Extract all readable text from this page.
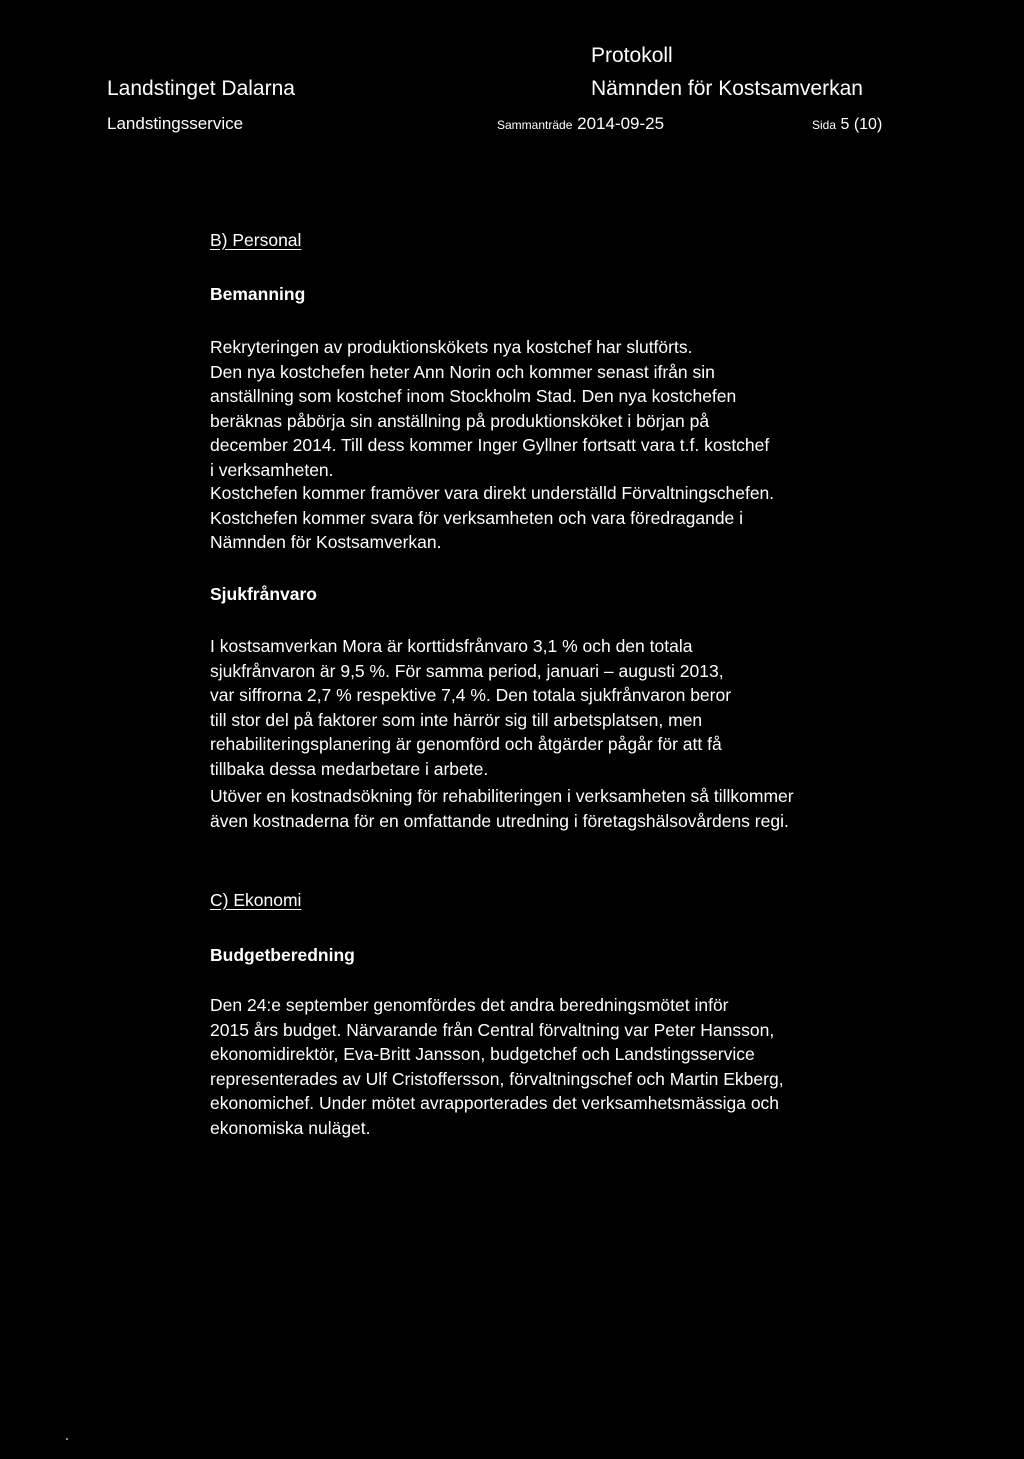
Landstinget Dalarna
Protokoll
Nämnden för Kostsamverkan
Landstingsservice	Sammanträde 2014-09-25	Sida 5 (10)
B) Personal
Bemanning

Rekryteringen av produktionskökets nya kostchef har slutförts.
Den nya kostchefen heter Ann Norin och kommer senast ifrån sin
anställning som kostchef inom Stockholm Stad. Den nya kostchefen
beräknas påbörja sin anställning på produktionsköket i början på
december 2014. Till dess kommer Inger Gyllner fortsatt vara t.f. kostchef
i verksamheten.

Kostchefen kommer framöver vara direkt underställd Förvaltningschefen.
Kostchefen kommer svara för verksamheten och vara föredragande i
Nämnden för Kostsamverkan.

Sjukfrånvaro

I kostsamverkan Mora är korttidsfrånvaro 3,1 % och den totala
sjukfrånvaron är 9,5 %. För samma period, januari – augusti 2013,
var siffrorna 2,7 % respektive 7,4 %. Den totala sjukfrånvaron beror
till stor del på faktorer som inte härrör sig till arbetsplatsen, men
rehabiliteringsplanering är genomförd och åtgärder pågår för att få
tillbaka dessa medarbetare i arbete.

Utöver en kostnadsökning för rehabiliteringen i verksamheten så tillkommer
även kostnaderna för en omfattande utredning i företagshälsovårdens regi.

C) Ekonomi
Budgetberedning

Den 24:e september genomfördes det andra beredningsmötet inför
2015 års budget. Närvarande från Central förvaltning var Peter Hansson,
ekonomidirektör, Eva-Britt Jansson, budgetchef och Landstingsservice
representerades av Ulf Cristoffersson, förvaltningschef och Martin Ekberg,
ekonomichef. Under mötet avrapporterades det verksamhetsmässiga och
ekonomiska nuläget.
